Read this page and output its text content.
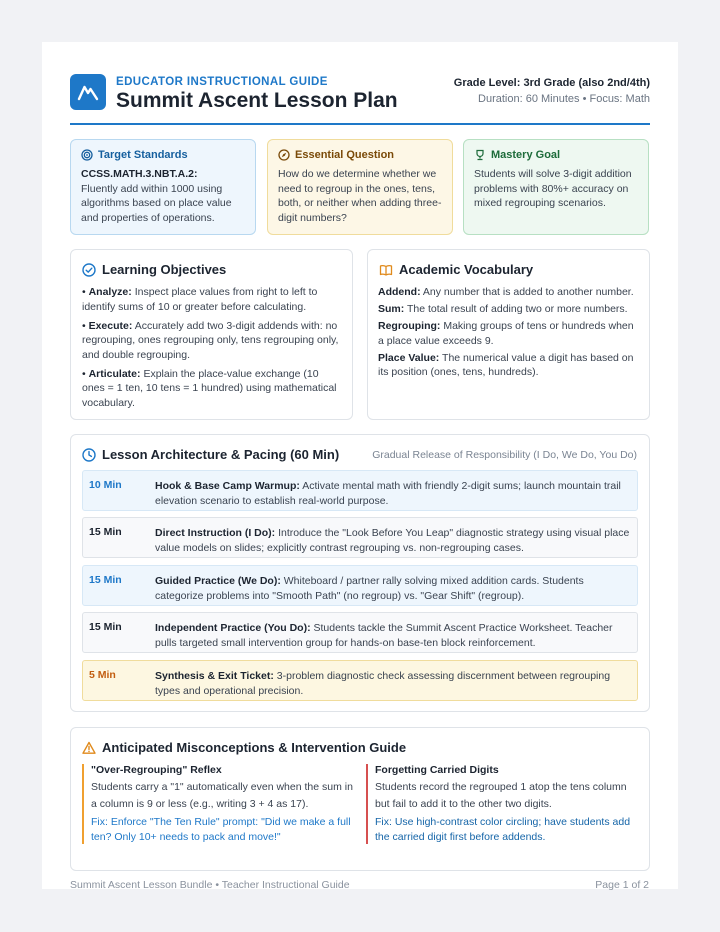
EDUCATOR INSTRUCTIONAL GUIDE
Summit Ascent Lesson Plan
Grade Level: 3rd Grade (also 2nd/4th)
Duration: 60 Minutes • Focus: Math
Target Standards
CCSS.MATH.3.NBT.A.2:
Fluently add within 1000 using algorithms based on place value and properties of operations.
Essential Question
How do we determine whether we need to regroup in the ones, tens, both, or neither when adding three-digit numbers?
Mastery Goal
Students will solve 3-digit addition problems with 80%+ accuracy on mixed regrouping scenarios.
Learning Objectives
• Analyze: Inspect place values from right to left to identify sums of 10 or greater before calculating.
• Execute: Accurately add two 3-digit addends with: no regrouping, ones regrouping only, tens regrouping only, and double regrouping.
• Articulate: Explain the place-value exchange (10 ones = 1 ten, 10 tens = 1 hundred) using mathematical vocabulary.
Academic Vocabulary
Addend: Any number that is added to another number.
Sum: The total result of adding two or more numbers.
Regrouping: Making groups of tens or hundreds when a place value exceeds 9.
Place Value: The numerical value a digit has based on its position (ones, tens, hundreds).
Lesson Architecture & Pacing (60 Min)	Gradual Release of Responsibility (I Do, We Do, You Do)
10 Min	Hook & Base Camp Warmup: Activate mental math with friendly 2-digit sums; launch mountain trail elevation scenario to establish real-world purpose.
15 Min	Direct Instruction (I Do): Introduce the "Look Before You Leap" diagnostic strategy using visual place value models on slides; explicitly contrast regrouping vs. non-regrouping cases.
15 Min	Guided Practice (We Do): Whiteboard / partner rally solving mixed addition cards. Students categorize problems into "Smooth Path" (no regroup) vs. "Gear Shift" (regroup).
15 Min	Independent Practice (You Do): Students tackle the Summit Ascent Practice Worksheet. Teacher pulls targeted small intervention group for hands-on base-ten block reinforcement.
5 Min	Synthesis & Exit Ticket: 3-problem diagnostic check assessing discernment between regrouping types and operational precision.
Anticipated Misconceptions & Intervention Guide
"Over-Regrouping" Reflex
Students carry a "1" automatically even when the sum in a column is 9 or less (e.g., writing 3 + 4 as 17).
Fix: Enforce "The Ten Rule" prompt: "Did we make a full ten? Only 10+ needs to pack and move!"
Forgetting Carried Digits
Students record the regrouped 1 atop the tens column but fail to add it to the other two digits.
Fix: Use high-contrast color circling; have students add the carried digit first before addends.
Summit Ascent Lesson Bundle • Teacher Instructional Guide	Page 1 of 2
